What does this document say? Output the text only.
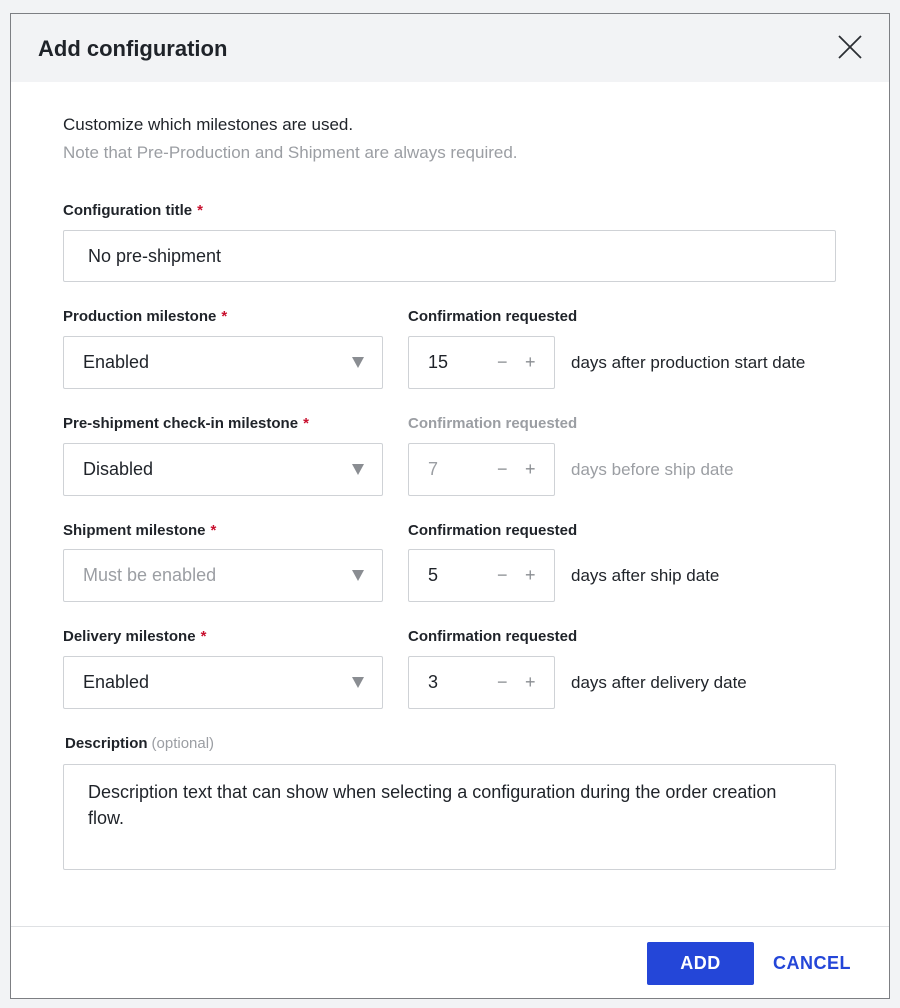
Add configuration
Customize which milestones are used.
Note that Pre-Production and Shipment are always required.
Configuration title *
No pre-shipment
Production milestone *	Confirmation requested
Enabled	15	− + days after production start date
Pre-shipment check-in milestone *	Confirmation requested
Disabled	7	− + days before ship date
Shipment milestone *	Confirmation requested
Must be enabled	5	− + days after ship date
Delivery milestone *	Confirmation requested
Enabled	3	− + days after delivery date
Description (optional)
Description text that can show when selecting a configuration during the order creation flow.
ADD	CANCEL
